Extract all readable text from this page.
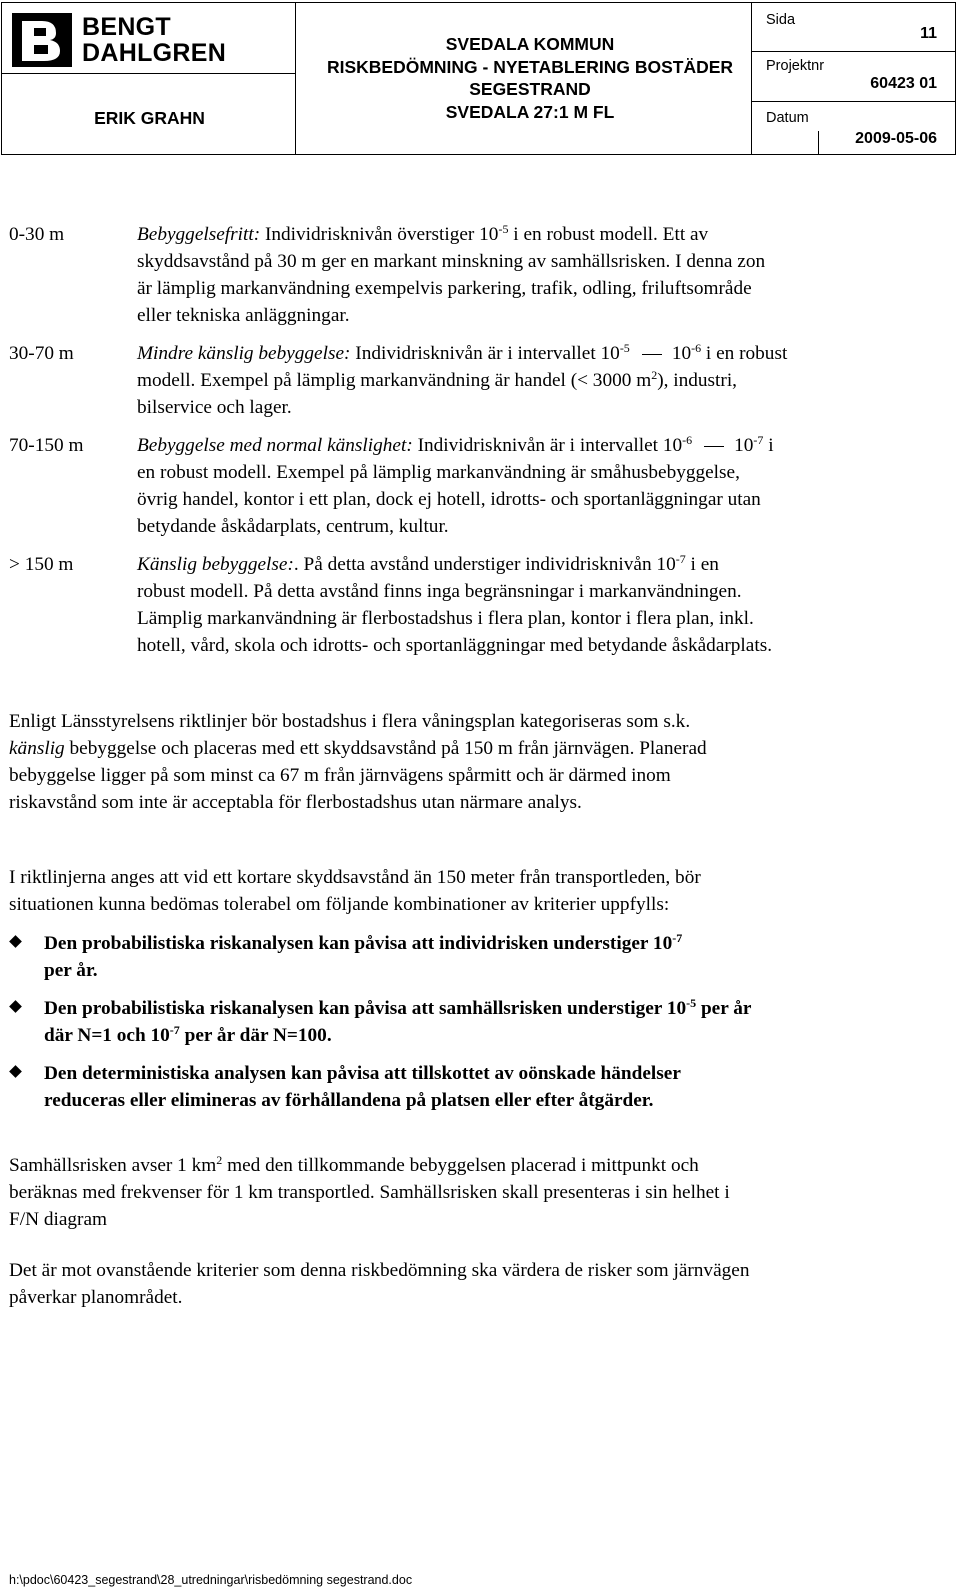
BENGT
DAHLGREN
ERIK GRAHN
SVEDALA KOMMUN
RISKBEDÖMNING - NYETABLERING BOSTÄDER
SEGESTRAND
SVEDALA 27:1 M FL
Sida
11
Projektnr
60423 01
Datum
2009-05-06
0-30 m	Bebyggelsefritt: Individrisknivån överstiger $10^{-5}$ i en robust modell. Ett av
skyddsavstånd på 30 m ger en markant minskning av samhällsrisken. I denna zon
är lämplig markanvändning exempelvis parkering, trafik, odling, friluftsområde
eller tekniska anläggningar.
30-70 m	Mindre känslig bebyggelse: Individrisknivån är i intervallet $10^{-5}$ $10^{-6}$ i en robust
modell. Exempel på lämplig markanvändning är handel (< 3000 $m^2$), industri,
bilservice och lager.
70-150 m	Bebyggelse med normal känslighet: Individrisknivån är i intervallet $10^{-6}$ $10^{-7}$ i
en robust modell. Exempel på lämplig markanvändning är småhusbebyggelse,
övrig handel, kontor i ett plan, dock ej hotell, idrotts- och sportanläggningar utan
betydande åskådarplats, centrum, kultur.
> 150 m	Känslig bebyggelse:. På detta avstånd understiger individrisknivån $10^{-7}$ i en
robust modell. På detta avstånd finns inga begränsningar i markanvändningen.
Lämplig markanvändning är flerbostadshus i flera plan, kontor i flera plan, inkl.
hotell, vård, skola och idrotts- och sportanläggningar med betydande åskådarplats.
Enligt Länsstyrelsens riktlinjer bör bostadshus i flera våningsplan kategoriseras som s.k.
känslig bebyggelse och placeras med ett skyddsavstånd på 150 m från järnvägen. Planerad
bebyggelse ligger på som minst ca 67 m från järnvägens spårmitt och är därmed inom
riskavstånd som inte är acceptabla för flerbostadshus utan närmare analys.
I riktlinjerna anges att vid ett kortare skyddsavstånd än 150 meter från transportleden, bör
situationen kunna bedömas tolerabel om följande kombinationer av kriterier uppfylls:
Den probabilistiska riskanalysen kan påvisa att individrisken understiger $10^{-7}$
per år.
Den probabilistiska riskanalysen kan påvisa att samhällsrisken understiger $10^{-5}$ per år
där N=1 och $10^{-7}$ per år där N=100.
Den deterministiska analysen kan påvisa att tillskottet av oönskade händelser
reduceras eller elimineras av förhållandena på platsen eller efter åtgärder.
Samhällsrisken avser 1 $km^2$ med den tillkommande bebyggelsen placerad i mittpunkt och
beräknas med frekvenser för 1 km transportled. Samhällsrisken skall presenteras i sin helhet i
F/N diagram
Det är mot ovanstående kriterier som denna riskbedömning ska värdera de risker som järnvägen
påverkar planområdet.
h:\pdoc\60423_segestrand\28_utredningar\risbedömning segestrand.doc
